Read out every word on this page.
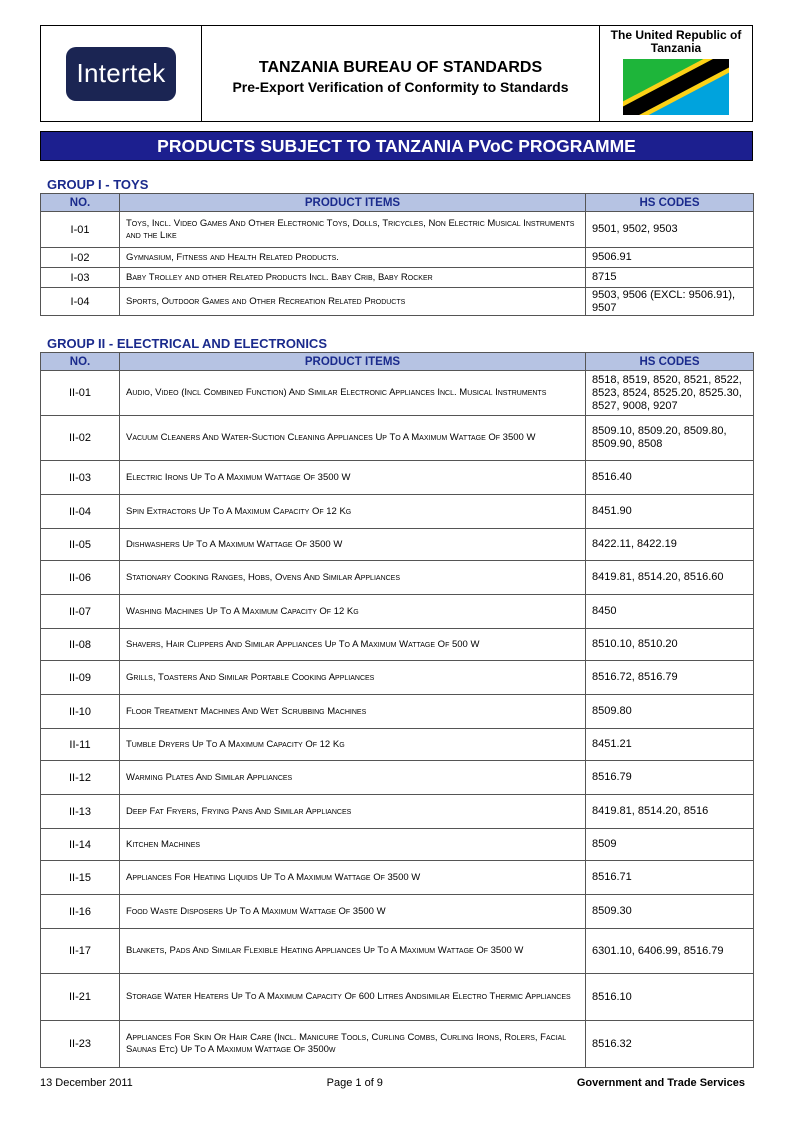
Intertek	TANZANIA BUREAU OF STANDARDS
Pre-Export Verification of Conformity to Standards
The United Republic of
Tanzania
PRODUCTS SUBJECT TO TANZANIA PVoC PROGRAMME
GROUP I - TOYS
NO.	PRODUCT ITEMS	HS CODES
I-01	Toys, Incl. Video Games And Other Electronic Toys, Dolls, Tricycles, Non Electric Musical Instruments and the Like	9501, 9502, 9503
I-02	Gymnasium, Fitness and Health Related Products.	9506.91
I-03	Baby Trolley and other Related Products Incl. Baby Crib, Baby Rocker	8715
I-04	Sports, Outdoor Games and Other Recreation Related Products	9503, 9506 (EXCL: 9506.91), 9507
GROUP II - ELECTRICAL AND ELECTRONICS
NO.	PRODUCT ITEMS	HS CODES
II-01	Audio, Video (Incl Combined Function) And Similar Electronic Appliances Incl. Musical Instruments	8518, 8519, 8520, 8521, 8522, 8523, 8524, 8525.20, 8525.30, 8527, 9008, 9207
II-02	Vacuum Cleaners And Water-Suction Cleaning Appliances Up To A Maximum Wattage Of 3500 W	8509.10, 8509.20, 8509.80, 8509.90, 8508
II-03	Electric Irons Up To A Maximum Wattage Of 3500 W	8516.40
II-04	Spin Extractors Up To A Maximum Capacity Of 12 Kg	8451.90
II-05	Dishwashers Up To A Maximum Wattage Of 3500 W	8422.11, 8422.19
II-06	Stationary Cooking Ranges, Hobs, Ovens And Similar Appliances	8419.81, 8514.20, 8516.60
II-07	Washing Machines Up To A Maximum Capacity Of 12 Kg	8450
II-08	Shavers, Hair Clippers And Similar Appliances Up To A Maximum Wattage Of 500 W	8510.10, 8510.20
II-09	Grills, Toasters And Similar Portable Cooking Appliances	8516.72, 8516.79
II-10	Floor Treatment Machines And Wet Scrubbing Machines	8509.80
II-11	Tumble Dryers Up To A Maximum Capacity Of 12 Kg	8451.21
II-12	Warming Plates And Similar Appliances	8516.79
II-13	Deep Fat Fryers, Frying Pans And Similar Appliances	8419.81, 8514.20, 8516
II-14	Kitchen Machines	8509
II-15	Appliances For Heating Liquids Up To A Maximum Wattage Of 3500 W	8516.71
II-16	Food Waste Disposers Up To A Maximum Wattage Of 3500 W	8509.30
II-17	Blankets, Pads And Similar Flexible Heating Appliances Up To A Maximum Wattage Of 3500 W	6301.10, 6406.99, 8516.79
II-21	Storage Water Heaters Up To A Maximum Capacity Of 600 Litres Andsimilar Electro Thermic Appliances	8516.10
II-23	Appliances For Skin Or Hair Care (Incl. Manicure Tools, Curling Combs, Curling Irons, Rolers, Facial Saunas Etc) Up To A Maximum Wattage Of 3500w	8516.32
13 December 2011	Page 1 of 9	Government and Trade Services
